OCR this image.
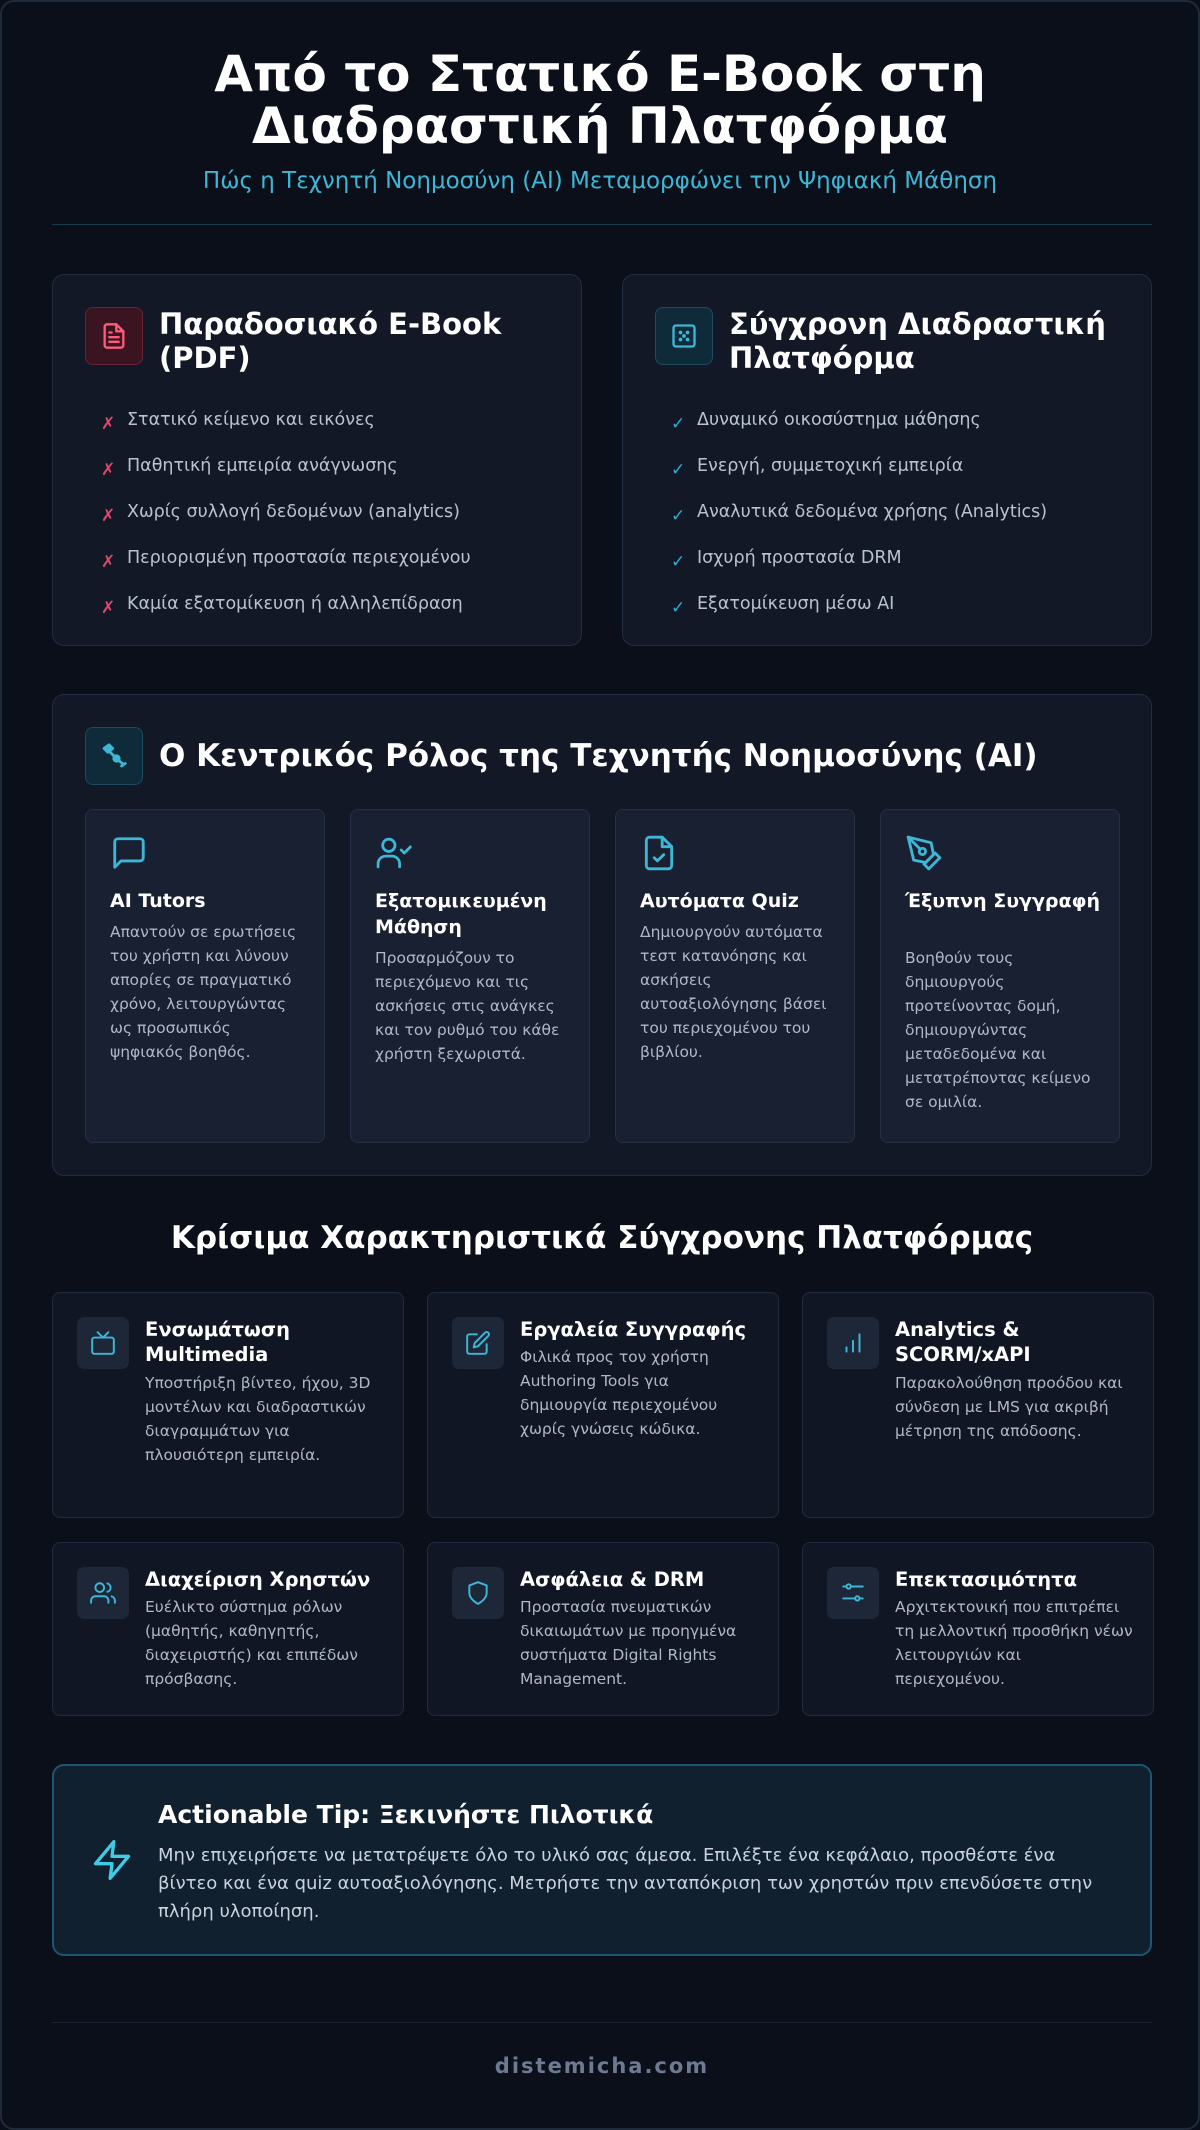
Από το Στατικό E-Book στη Διαδραστική Πλατφόρμα
Πώς η Τεχνητή Νοημοσύνη (AI) Μεταμορφώνει την Ψηφιακή Μάθηση
Παραδοσιακό E-Book (PDF)
✗ Στατικό κείμενο και εικόνες
✗ Παθητική εμπειρία ανάγνωσης
✗ Χωρίς συλλογή δεδομένων (analytics)
✗ Περιορισμένη προστασία περιεχομένου
✗ Καμία εξατομίκευση ή αλληλεπίδραση
Σύγχρονη Διαδραστική Πλατφόρμα
✓ Δυναμικό οικοσύστημα μάθησης
✓ Ενεργή, συμμετοχική εμπειρία
✓ Αναλυτικά δεδομένα χρήσης (Analytics)
✓ Ισχυρή προστασία DRM
✓ Εξατομίκευση μέσω AI
Ο Κεντρικός Ρόλος της Τεχνητής Νοημοσύνης (AI)
AI Tutors
Απαντούν σε ερωτήσεις του χρήστη και λύνουν απορίες σε πραγματικό χρόνο, λειτουργώντας ως προσωπικός ψηφιακός βοηθός.
Εξατομικευμένη Μάθηση
Προσαρμόζουν το περιεχόμενο και τις ασκήσεις στις ανάγκες και τον ρυθμό του κάθε χρήστη ξεχωριστά.
Αυτόματα Quiz
Δημιουργούν αυτόματα τεστ κατανόησης και ασκήσεις αυτοαξιολόγησης βάσει του περιεχομένου του βιβλίου.
Έξυπνη Συγγραφή
Βοηθούν τους δημιουργούς προτείνοντας δομή, δημιουργώντας μεταδεδομένα και μετατρέποντας κείμενο σε ομιλία.
Κρίσιμα Χαρακτηριστικά Σύγχρονης Πλατφόρμας
Ενσωμάτωση Multimedia
Υποστήριξη βίντεο, ήχου, 3D μοντέλων και διαδραστικών διαγραμμάτων για πλουσιότερη εμπειρία.
Εργαλεία Συγγραφής
Φιλικά προς τον χρήστη Authoring Tools για δημιουργία περιεχομένου χωρίς γνώσεις κώδικα.
Analytics & SCORM/xAPI
Παρακολούθηση προόδου και σύνδεση με LMS για ακριβή μέτρηση της απόδοσης.
Διαχείριση Χρηστών
Ευέλικτο σύστημα ρόλων (μαθητής, καθηγητής, διαχειριστής) και επιπέδων πρόσβασης.
Ασφάλεια & DRM
Προστασία πνευματικών δικαιωμάτων με προηγμένα συστήματα Digital Rights Management.
Επεκτασιμότητα
Αρχιτεκτονική που επιτρέπει τη μελλοντική προσθήκη νέων λειτουργιών και περιεχομένου.
Actionable Tip: Ξεκινήστε Πιλοτικά
Μην επιχειρήσετε να μετατρέψετε όλο το υλικό σας άμεσα. Επιλέξτε ένα κεφάλαιο, προσθέστε ένα βίντεο και ένα quiz αυτοαξιολόγησης. Μετρήστε την ανταπόκριση των χρηστών πριν επενδύσετε στην πλήρη υλοποίηση.
distemicha.com
